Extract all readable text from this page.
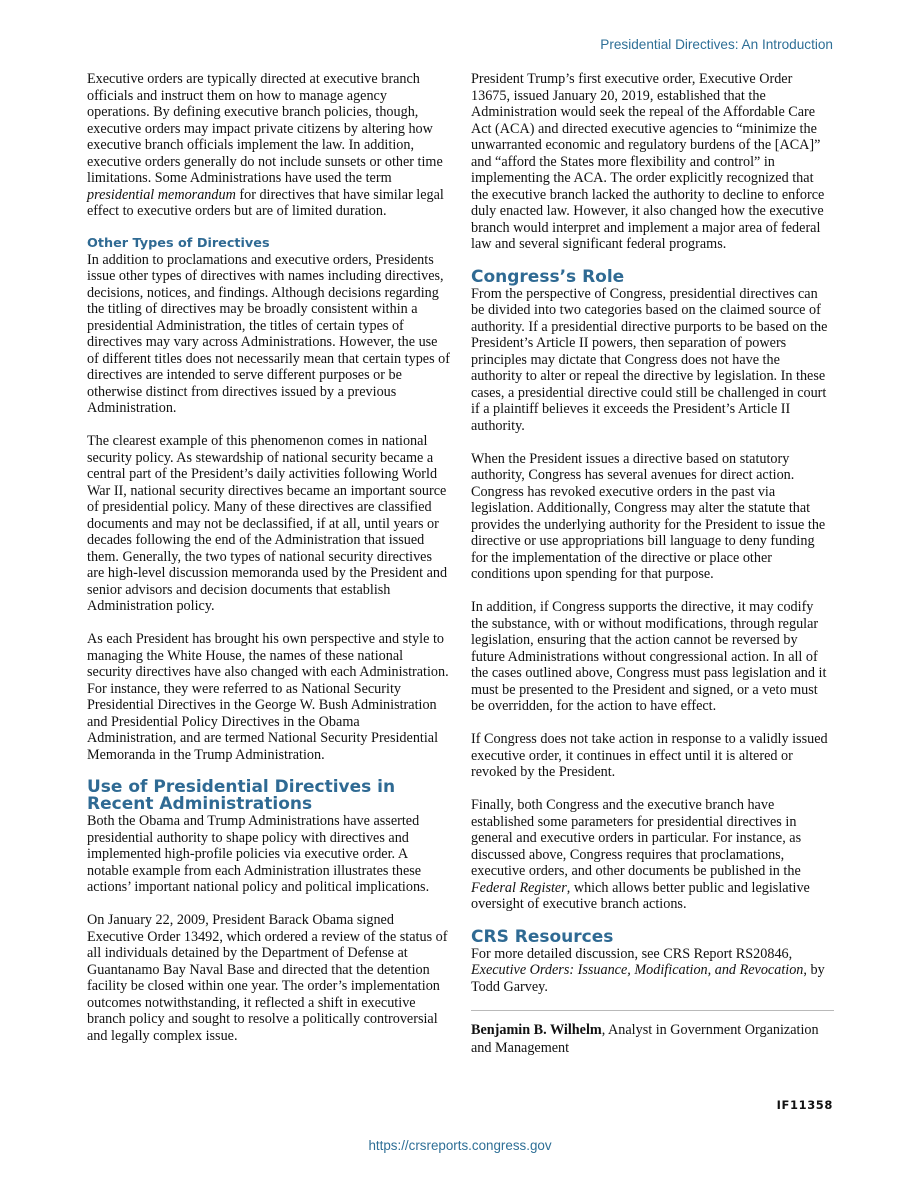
Presidential Directives: An Introduction

Executive orders are typically directed at executive branch officials and instruct them on how to manage agency operations. By defining executive branch policies, though, executive orders may impact private citizens by altering how executive branch officials implement the law. In addition, executive orders generally do not include sunsets or other time limitations. Some Administrations have used the term presidential memorandum for directives that have similar legal effect to executive orders but are of limited duration.

Other Types of Directives

In addition to proclamations and executive orders, Presidents issue other types of directives with names including directives, decisions, notices, and findings. Although decisions regarding the titling of directives may be broadly consistent within a presidential Administration, the titles of certain types of directives may vary across Administrations. However, the use of different titles does not necessarily mean that certain types of directives are intended to serve different purposes or be otherwise distinct from directives issued by a previous Administration.

The clearest example of this phenomenon comes in national security policy. As stewardship of national security became a central part of the President’s daily activities following World War II, national security directives became an important source of presidential policy. Many of these directives are classified documents and may not be declassified, if at all, until years or decades following the end of the Administration that issued them. Generally, the two types of national security directives are high-level discussion memoranda used by the President and senior advisors and decision documents that establish Administration policy.

As each President has brought his own perspective and style to managing the White House, the names of these national security directives have also changed with each Administration. For instance, they were referred to as National Security Presidential Directives in the George W. Bush Administration and Presidential Policy Directives in the Obama Administration, and are termed National Security Presidential Memoranda in the Trump Administration.

Use of Presidential Directives in Recent Administrations

Both the Obama and Trump Administrations have asserted presidential authority to shape policy with directives and implemented high-profile policies via executive order. A notable example from each Administration illustrates these actions’ important national policy and political implications.

On January 22, 2009, President Barack Obama signed Executive Order 13492, which ordered a review of the status of all individuals detained by the Department of Defense at Guantanamo Bay Naval Base and directed that the detention facility be closed within one year. The order’s implementation outcomes notwithstanding, it reflected a shift in executive branch policy and sought to resolve a politically controversial and legally complex issue.

President Trump’s first executive order, Executive Order 13675, issued January 20, 2019, established that the Administration would seek the repeal of the Affordable Care Act (ACA) and directed executive agencies to “minimize the unwarranted economic and regulatory burdens of the [ACA]” and “afford the States more flexibility and control” in implementing the ACA. The order explicitly recognized that the executive branch lacked the authority to decline to enforce duly enacted law. However, it also changed how the executive branch would interpret and implement a major area of federal law and several significant federal programs.

Congress’s Role

From the perspective of Congress, presidential directives can be divided into two categories based on the claimed source of authority. If a presidential directive purports to be based on the President’s Article II powers, then separation of powers principles may dictate that Congress does not have the authority to alter or repeal the directive by legislation. In these cases, a presidential directive could still be challenged in court if a plaintiff believes it exceeds the President’s Article II authority.

When the President issues a directive based on statutory authority, Congress has several avenues for direct action. Congress has revoked executive orders in the past via legislation. Additionally, Congress may alter the statute that provides the underlying authority for the President to issue the directive or use appropriations bill language to deny funding for the implementation of the directive or place other conditions upon spending for that purpose.

In addition, if Congress supports the directive, it may codify the substance, with or without modifications, through regular legislation, ensuring that the action cannot be reversed by future Administrations without congressional action. In all of the cases outlined above, Congress must pass legislation and it must be presented to the President and signed, or a veto must be overridden, for the action to have effect.

If Congress does not take action in response to a validly issued executive order, it continues in effect until it is altered or revoked by the President.

Finally, both Congress and the executive branch have established some parameters for presidential directives in general and executive orders in particular. For instance, as discussed above, Congress requires that proclamations, executive orders, and other documents be published in the Federal Register, which allows better public and legislative oversight of executive branch actions.

CRS Resources

For more detailed discussion, see CRS Report RS20846, Executive Orders: Issuance, Modification, and Revocation, by Todd Garvey.

Benjamin B. Wilhelm, Analyst in Government Organization and Management

IF11358
https://crsreports.congress.gov
